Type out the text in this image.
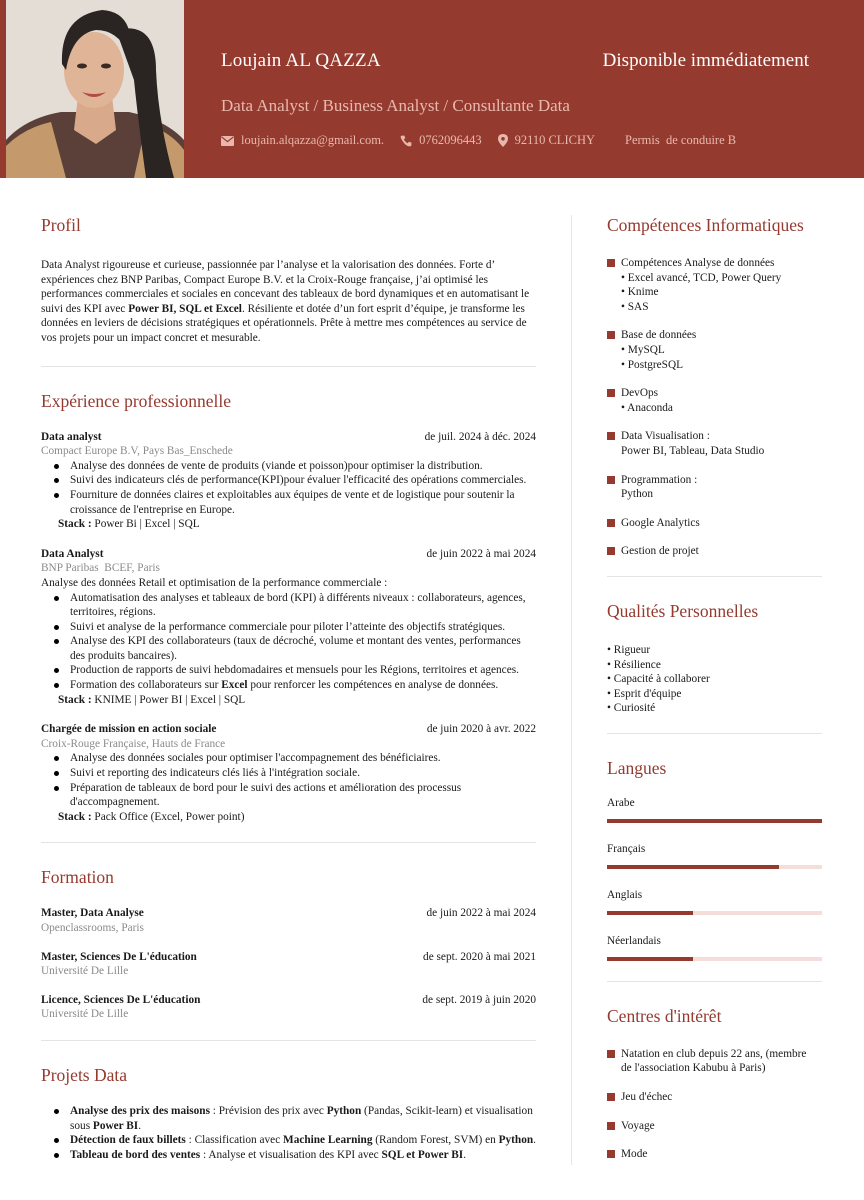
Loujain AL QAZZA	Disponible immédiatement
Data Analyst / Business Analyst / Consultante Data
loujain.alqazza@gmail.com.	0762096443	92110 CLICHY Permis  de conduire B
Profil

Data Analyst rigoureuse et curieuse, passionnée par l’analyse et la valorisation des données. Forte d’ expériences chez BNP Paribas, Compact Europe B.V. et la Croix-Rouge française, j’ai optimisé les performances commerciales et sociales en concevant des tableaux de bord dynamiques et en automatisant le suivi des KPI avec Power BI, SQL et Excel. Résiliente et dotée d’un fort esprit d’équipe, je transforme les données en leviers de décisions stratégiques et opérationnels. Prête à mettre mes compétences au service de vos projets pour un impact concret et mesurable.

Expérience professionnelle
Data analyst	de juil. 2024 à déc. 2024
Compact Europe B.V, Pays Bas_Enschede
Analyse des données de vente de produits (viande et poisson)pour optimiser la distribution.
Suivi des indicateurs clés de performance(KPI)pour évaluer l'efficacité des opérations commerciales.
Fourniture de données claires et exploitables aux équipes de vente et de logistique pour soutenir la croissance de l'entreprise en Europe.
Stack : Power Bi | Excel | SQL
Data Analyst	de juin 2022 à mai 2024
BNP Paribas  BCEF, Paris
Analyse des données Retail et optimisation de la performance commerciale :
Automatisation des analyses et tableaux de bord (KPI) à différents niveaux : collaborateurs, agences, territoires, régions.
Suivi et analyse de la performance commerciale pour piloter l’atteinte des objectifs stratégiques.
Analyse des KPI des collaborateurs (taux de décroché, volume et montant des ventes, performances des produits bancaires).
Production de rapports de suivi hebdomadaires et mensuels pour les Régions, territoires et agences.
Formation des collaborateurs sur Excel pour renforcer les compétences en analyse de données.
Stack : KNIME | Power BI | Excel | SQL
Chargée de mission en action sociale	de juin 2020 à avr. 2022
Croix-Rouge Française, Hauts de France
Analyse des données sociales pour optimiser l'accompagnement des bénéficiaires.
Suivi et reporting des indicateurs clés liés à l'intégration sociale.
Préparation de tableaux de bord pour le suivi des actions et amélioration des processus d'accompagnement.
Stack : Pack Office (Excel, Power point)
Formation
Master, Data Analyse	de juin 2022 à mai 2024
Openclassrooms, Paris
Master, Sciences De L'éducation	de sept. 2020 à mai 2021
Université De Lille
Licence, Sciences De L'éducation	de sept. 2019 à juin 2020
Université De Lille
Projets Data
Analyse des prix des maisons : Prévision des prix avec Python (Pandas, Scikit-learn) et visualisation sous Power BI.
Détection de faux billets : Classification avec Machine Learning (Random Forest, SVM) en Python.
Tableau de bord des ventes : Analyse et visualisation des KPI avec SQL et Power BI.
Compétences Informatiques
Compétences Analyse de données
• Excel avancé, TCD, Power Query
• Knime
• SAS
Base de données
• MySQL
• PostgreSQL
DevOps
• Anaconda
Data Visualisation :
Power BI, Tableau, Data Studio
Programmation :
Python
Google Analytics
Gestion de projet
Qualités Personnelles
• Rigueur
• Résilience
• Capacité à collaborer
• Esprit d'équipe
• Curiosité
Langues
Arabe
Français
Anglais
Néerlandais
Centres d'intérêt
Natation en club depuis 22 ans, (membre
de l'association Kabubu à Paris)
Jeu d'échec
Voyage
Mode
